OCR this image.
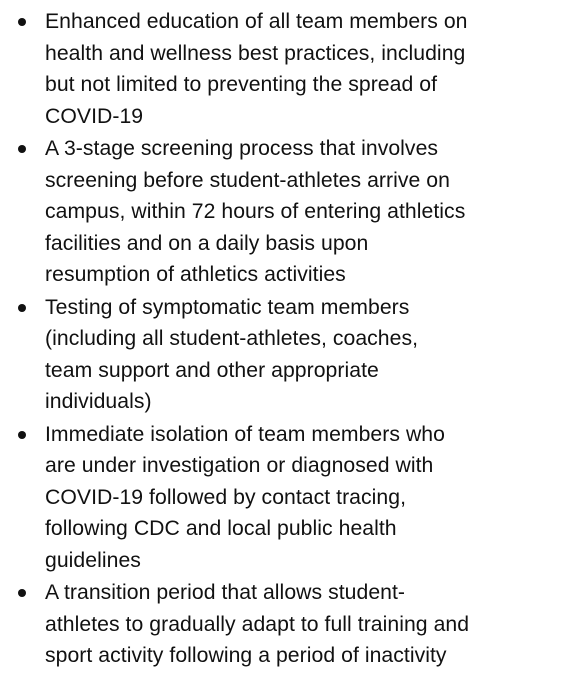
Enhanced education of all team members on
health and wellness best practices, including
but not limited to preventing the spread of
COVID-19
A 3-stage screening process that involves
screening before student-athletes arrive on
campus, within 72 hours of entering athletics
facilities and on a daily basis upon
resumption of athletics activities
Testing of symptomatic team members
(including all student-athletes, coaches,
team support and other appropriate
individuals)
Immediate isolation of team members who
are under investigation or diagnosed with
COVID-19 followed by contact tracing,
following CDC and local public health
guidelines
A transition period that allows student-
athletes to gradually adapt to full training and
sport activity following a period of inactivity
